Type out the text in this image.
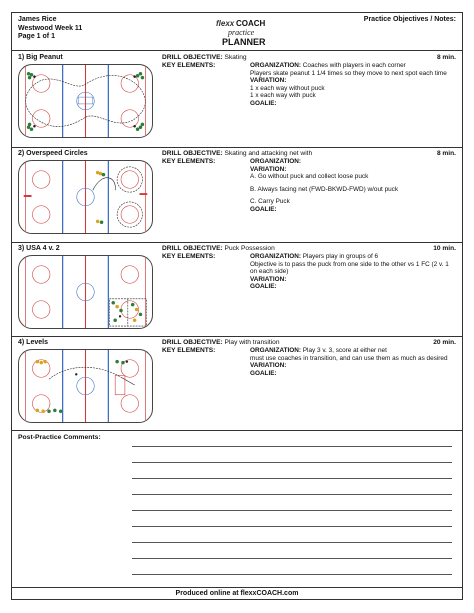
James Rice
Westwood Week 11
Page 1 of 1
flexx COACH
practice
PLANNER
Practice Objectives / Notes:
1) Big Peanut	DRILL OBJECTIVE: Skating	8 min.
KEY ELEMENTS:	ORGANIZATION: Coaches with players in each corner
Players skate peanut 1 1/4 times so they move to next spot each time
VARIATION:
1 x each way without puck
1 x each way with puck
GOALIE:
2) Overspeed Circles	DRILL OBJECTIVE: Skating and attacking net with	8 min.
KEY ELEMENTS:	ORGANIZATION:
VARIATION:
A. Go without puck and collect loose puck
B. Always facing net (FWD-BKWD-FWD) w/out puck
C. Carry Puck
GOALIE:
3) USA 4 v. 2	DRILL OBJECTIVE: Puck Possession	10 min.
KEY ELEMENTS:	ORGANIZATION: Players play in groups of 6
Objective is to pass the puck from one side to the other vs 1 FC (2 v. 1 on each side)
VARIATION:
GOALIE:
4) Levels	DRILL OBJECTIVE: Play with transition	20 min.
KEY ELEMENTS:	ORGANIZATION: Play 3 v. 3, score at either net
must use coaches in transition, and can use them as much as desired
VARIATION:
GOALIE:
Post-Practice Comments:
Produced online at flexxCOACH.com
